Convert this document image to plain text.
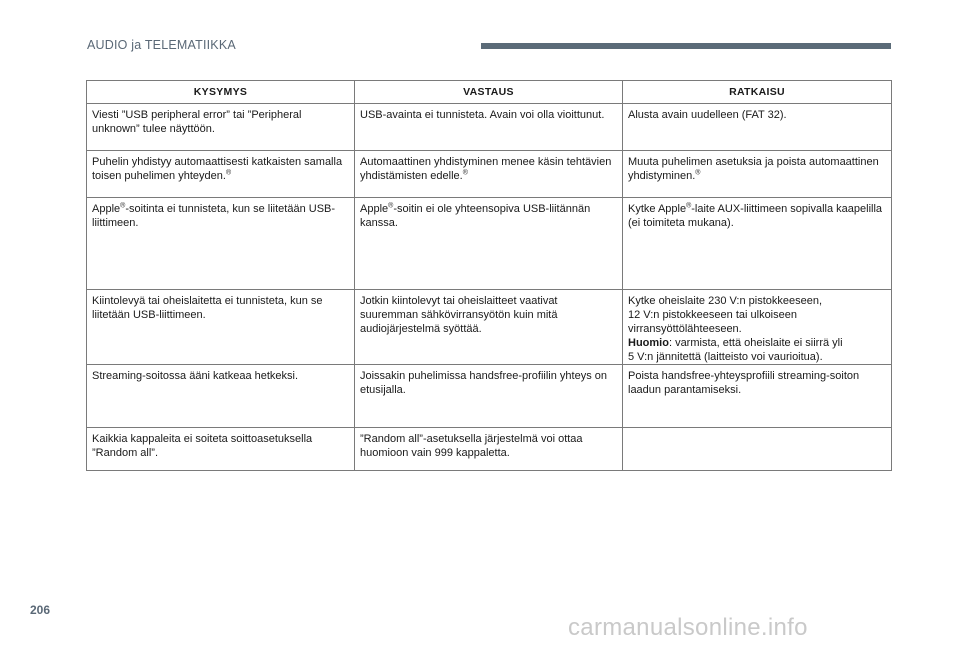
AUDIO ja TELEMATIIKKA
KYSYMYS	VASTAUS	RATKAISU
Viesti ”USB peripheral error” tai ”Peripheral unknown” tulee näyttöön.	USB-avainta ei tunnisteta. Avain voi olla vioittunut.	Alusta avain uudelleen (FAT 32).
Puhelin yhdistyy automaattisesti katkaisten samalla toisen puhelimen yhteyden.®	Automaattinen yhdistyminen menee käsin tehtävien yhdistämisten edelle.®	Muuta puhelimen asetuksia ja poista automaattinen yhdistyminen.®
Apple®-soitinta ei tunnisteta, kun se liitetään USB-liittimeen.	Apple®-soitin ei ole yhteensopiva USB-liitännän kanssa.	Kytke Apple®-laite AUX-liittimeen sopivalla kaapelilla (ei toimiteta mukana).
Kiintolevyä tai oheislaitetta ei tunnisteta, kun se liitetään USB-liittimeen.	Jotkin kiintolevyt tai oheislaitteet vaativat suuremman sähkövirransyötön kuin mitä audiojärjestelmä syöttää.	Kytke oheislaite 230 V:n pistokkeeseen,
12 V:n pistokkeeseen tai ulkoiseen
virransyöttölähteeseen.
Huomio: varmista, että oheislaite ei siirrä yli
5 V:n jännitettä (laitteisto voi vaurioitua).

Streaming-soitossa ääni katkeaa hetkeksi.	Joissakin puhelimissa handsfree-profiilin yhteys on etusijalla.	Poista handsfree-yhteysprofiili streaming-soiton laadun parantamiseksi.
Kaikkia kappaleita ei soiteta soittoasetuksella ”Random all”.	”Random all”-asetuksella järjestelmä voi ottaa huomioon vain 999 kappaletta.	
206
carmanualsonline.info
